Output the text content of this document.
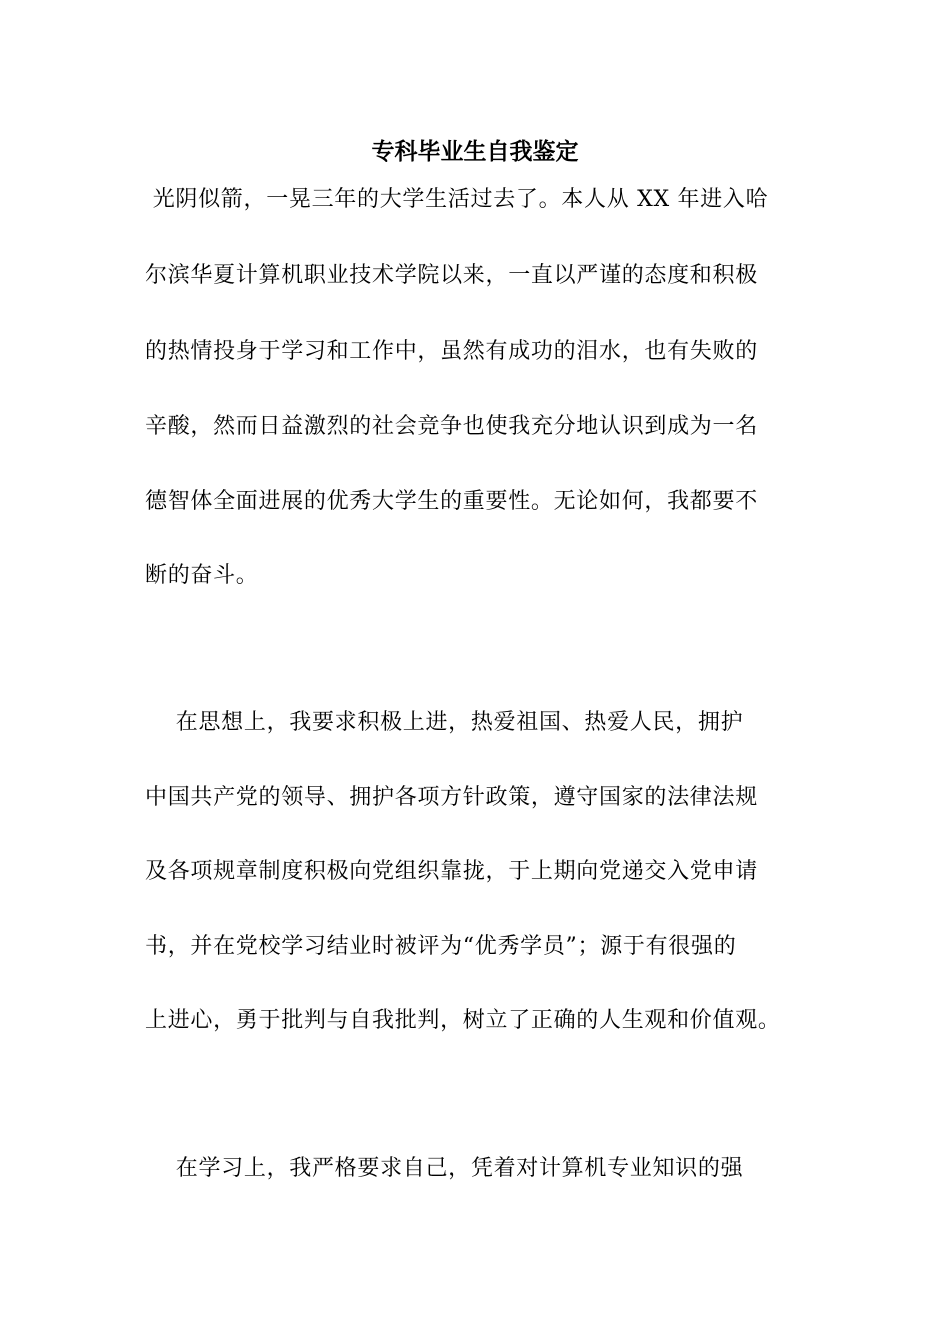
专科毕业生自我鉴定
光阴似箭，一晃三年的大学生活过去了。本人从 XX 年进入哈
尔滨华夏计算机职业技术学院以来，一直以严谨的态度和积极
的热情投身于学习和工作中，虽然有成功的泪水，也有失败的
辛酸，然而日益激烈的社会竞争也使我充分地认识到成为一名
德智体全面进展的优秀大学生的重要性。无论如何，我都要不
断的奋斗。
在思想上，我要求积极上进，热爱祖国、热爱人民，拥护
中国共产党的领导、拥护各项方针政策，遵守国家的法律法规
及各项规章制度积极向党组织靠拢，于上期向党递交入党申请
书，并在党校学习结业时被评为“优秀学员”；源于有很强的
上进心，勇于批判与自我批判，树立了正确的人生观和价值观。
在学习上，我严格要求自己，凭着对计算机专业知识的强
